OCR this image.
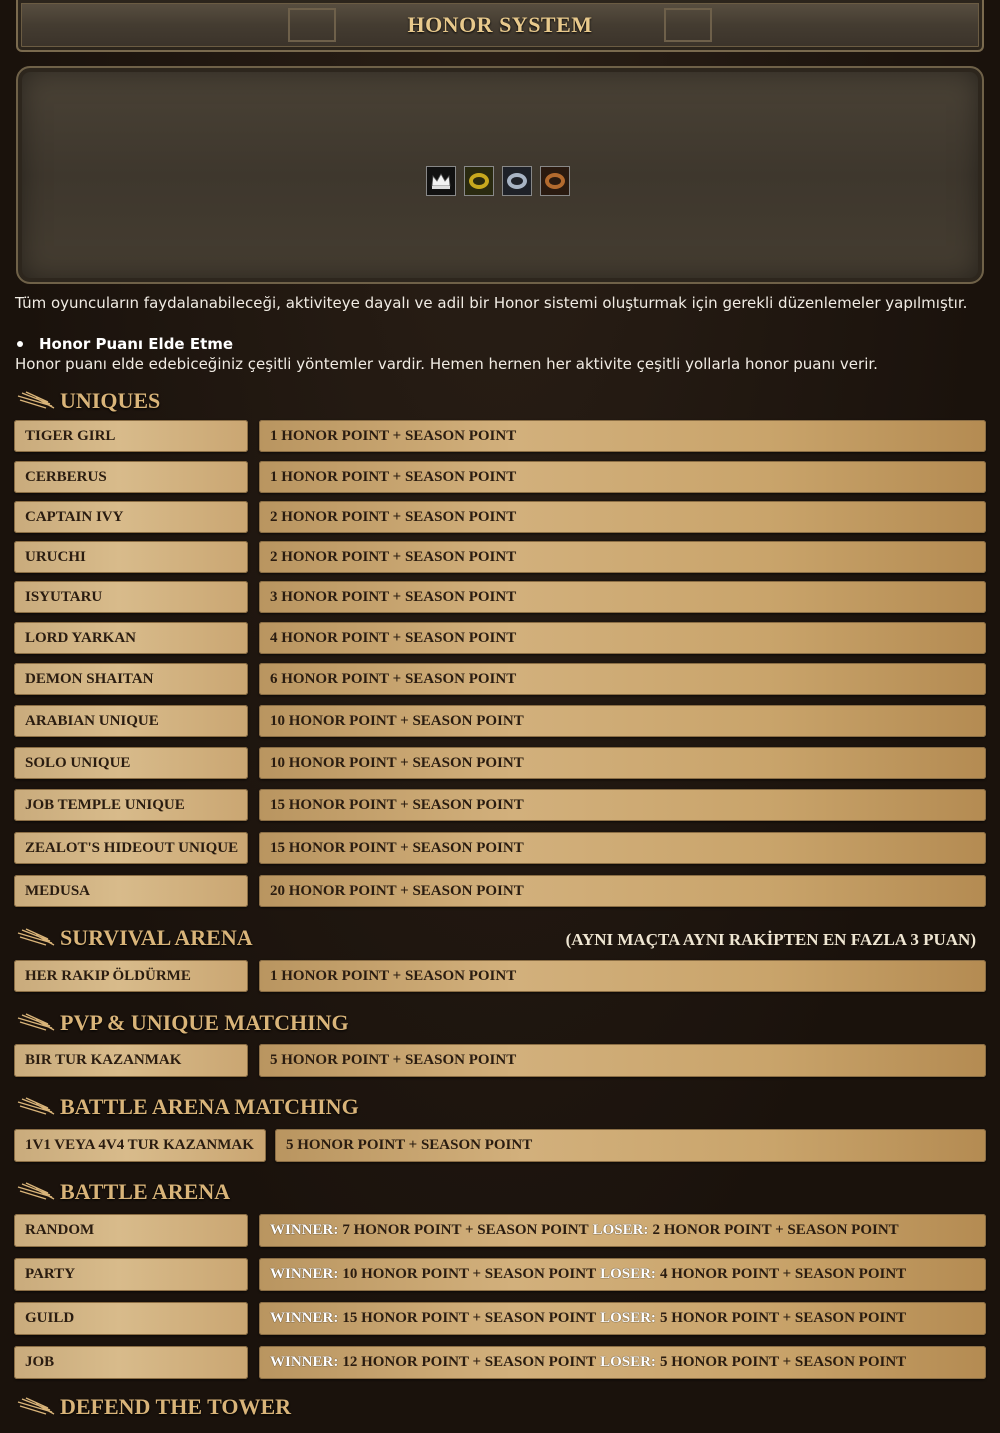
HONOR SYSTEM
Tüm oyuncuların faydalanabileceği, aktiviteye dayalı ve adil bir Honor sistemi oluşturmak için gerekli düzenlemeler yapılmıştır.
Honor Puanı Elde Etme
Honor puanı elde edebiceğiniz çeşitli yöntemler vardir. Hemen hernen her aktivite çeşitli yollarla honor puanı verir.
UNIQUES
TIGER GIRL	1 HONOR POINT + SEASON POINT
CERBERUS	1 HONOR POINT + SEASON POINT
CAPTAIN IVY	2 HONOR POINT + SEASON POINT
URUCHI	2 HONOR POINT + SEASON POINT
ISYUTARU	3 HONOR POINT + SEASON POINT
LORD YARKAN	4 HONOR POINT + SEASON POINT
DEMON SHAITAN	6 HONOR POINT + SEASON POINT
ARABIAN UNIQUE	10 HONOR POINT + SEASON POINT
SOLO UNIQUE	10 HONOR POINT + SEASON POINT
JOB TEMPLE UNIQUE	15 HONOR POINT + SEASON POINT
ZEALOT'S HIDEOUT UNIQUE	15 HONOR POINT + SEASON POINT
MEDUSA	20 HONOR POINT + SEASON POINT
SURVIVAL ARENA	(AYNI MAÇTA AYNI RAKİPTEN EN FAZLA 3 PUAN)
HER RAKIP ÖLDÜRME	1 HONOR POINT + SEASON POINT
PVP & UNIQUE MATCHING
BIR TUR KAZANMAK	5 HONOR POINT + SEASON POINT
BATTLE ARENA MATCHING
1V1 VEYA 4V4 TUR KAZANMAK	5 HONOR POINT + SEASON POINT
BATTLE ARENA
RANDOM	WINNER: 7 HONOR POINT + SEASON POINT LOSER: 2 HONOR POINT + SEASON POINT
PARTY	WINNER: 10 HONOR POINT + SEASON POINT LOSER: 4 HONOR POINT + SEASON POINT
GUILD	WINNER: 15 HONOR POINT + SEASON POINT LOSER: 5 HONOR POINT + SEASON POINT
JOB	WINNER: 12 HONOR POINT + SEASON POINT LOSER: 5 HONOR POINT + SEASON POINT
DEFEND THE TOWER
